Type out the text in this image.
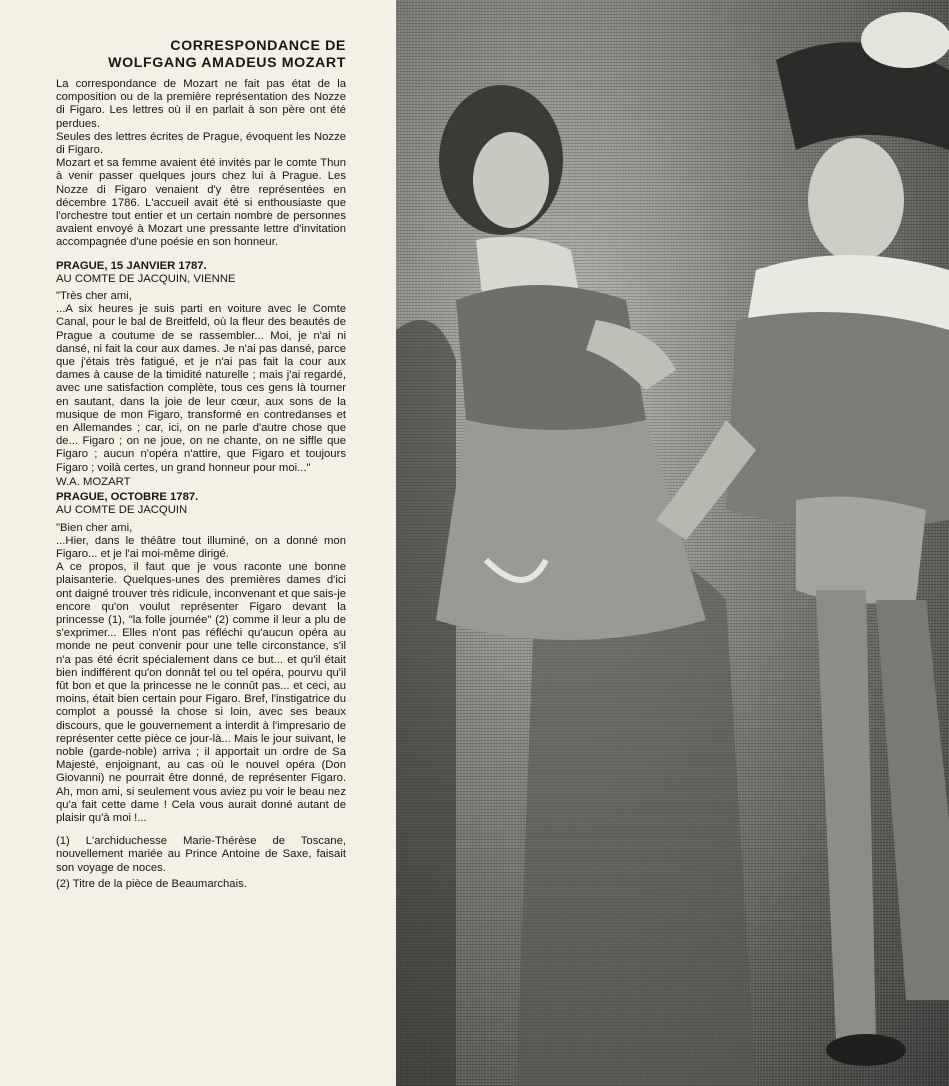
CORRESPONDANCE DE
WOLFGANG AMADEUS MOZART

La correspondance de Mozart ne fait pas état de la composition ou de la première représentation des Nozze di Figaro. Les lettres où il en parlait à son père ont été perdues.

Seules des lettres écrites de Prague, évoquent les Nozze di Figaro.

Mozart et sa femme avaient été invités par le comte Thun à venir passer quelques jours chez lui à Prague. Les Nozze di Figaro venaient d'y être représentées en décembre 1786. L'accueil avait été si enthousiaste que l'orchestre tout entier et un certain nombre de personnes avaient envoyé à Mozart une pressante lettre d'invitation accompagnée d'une poésie en son honneur.

PRAGUE, 15 JANVIER 1787.
AU COMTE DE JACQUIN, VIENNE

"Très cher ami,

...A six heures je suis parti en voiture avec le Comte Canal, pour le bal de Breitfeld, où la fleur des beautés de Prague a coutume de se rassembler... Moi, je n'ai ni dansé, ni fait la cour aux dames. Je n'ai pas dansé, parce que j'étais très fatigué, et je n'ai pas fait la cour aux dames à cause de la timidité naturelle ; mais j'ai regardé, avec une satisfaction complète, tous ces gens là tourner en sautant, dans la joie de leur cœur, aux sons de la musique de mon Figaro, transformé en contredanses et en Allemandes ; car, ici, on ne parle d'autre chose que de... Figaro ; on ne joue, on ne chante, on ne siffle que Figaro ; aucun n'opéra n'attire, que Figaro et toujours Figaro ; voilà certes, un grand honneur pour moi..."

W.A. MOZART

PRAGUE, OCTOBRE 1787.
AU COMTE DE JACQUIN

"Bien cher ami,

...Hier, dans le théâtre tout illuminé, on a donné mon Figaro... et je l'ai moi-même dirigé.

A ce propos, il faut que je vous raconte une bonne plaisanterie. Quelques-unes des premières dames d'ici ont daigné trouver très ridicule, inconvenant et que sais-je encore qu'on voulut représenter Figaro devant la princesse (1), "la folle journée" (2) comme il leur a plu de s'exprimer... Elles n'ont pas réfléchi qu'aucun opéra au monde ne peut convenir pour une telle circonstance, s'il n'a pas été écrit spécialement dans ce but... et qu'il était bien indifférent qu'on donnât tel ou tel opéra, pourvu qu'il fût bon et que la princesse ne le connût pas... et ceci, au moins, était bien certain pour Figaro. Bref, l'instigatrice du complot a poussé la chose si loin, avec ses beaux discours, que le gouvernement a interdit à l'impresario de représenter cette pièce ce jour-là... Mais le jour suivant, le noble (garde-noble) arriva ; il apportait un ordre de Sa Majesté, enjoignant, au cas où le nouvel opéra (Don Giovanni) ne pourrait être donné, de représenter Figaro. Ah, mon ami, si seulement vous aviez pu voir le beau nez qu'a fait cette dame ! Cela vous aurait donné autant de plaisir qu'à moi !...

(1) L'archiduchesse Marie-Thérèse de Toscane, nouvellement mariée au Prince Antoine de Saxe, faisait son voyage de noces.

(2) Titre de la pièce de Beaumarchais.
